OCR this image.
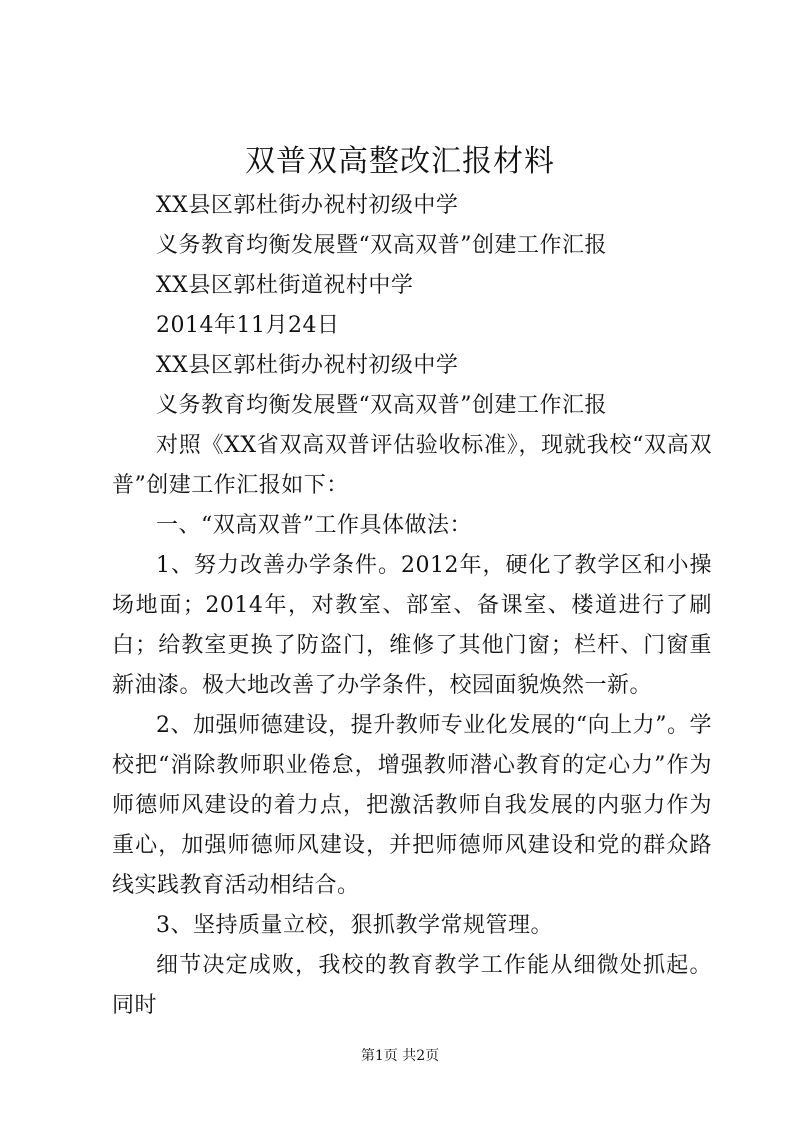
双普双高整改汇报材料

XX县区郭杜街办祝村初级中学

义务教育均衡发展暨“双高双普”创建工作汇报

XX县区郭杜街道祝村中学

2014年11月24日

XX县区郭杜街办祝村初级中学

义务教育均衡发展暨“双高双普”创建工作汇报

对照《XX省双高双普评估验收标准》，现就我校“双高双普”创建工作汇报如下：

一、“双高双普”工作具体做法：

1、努力改善办学条件。2012年，硬化了教学区和小操场地面；2014年，对教室、部室、备课室、楼道进行了刷白；给教室更换了防盗门，维修了其他门窗；栏杆、门窗重新油漆。极大地改善了办学条件，校园面貌焕然一新。

2、加强师德建设，提升教师专业化发展的“向上力”。学校把“消除教师职业倦怠，增强教师潜心教育的定心力”作为师德师风建设的着力点，把激活教师自我发展的内驱力作为重心，加强师德师风建设，并把师德师风建设和党的群众路线实践教育活动相结合。

3、坚持质量立校，狠抓教学常规管理。

细节决定成败，我校的教育教学工作能从细微处抓起。同时

第1页 共2页
